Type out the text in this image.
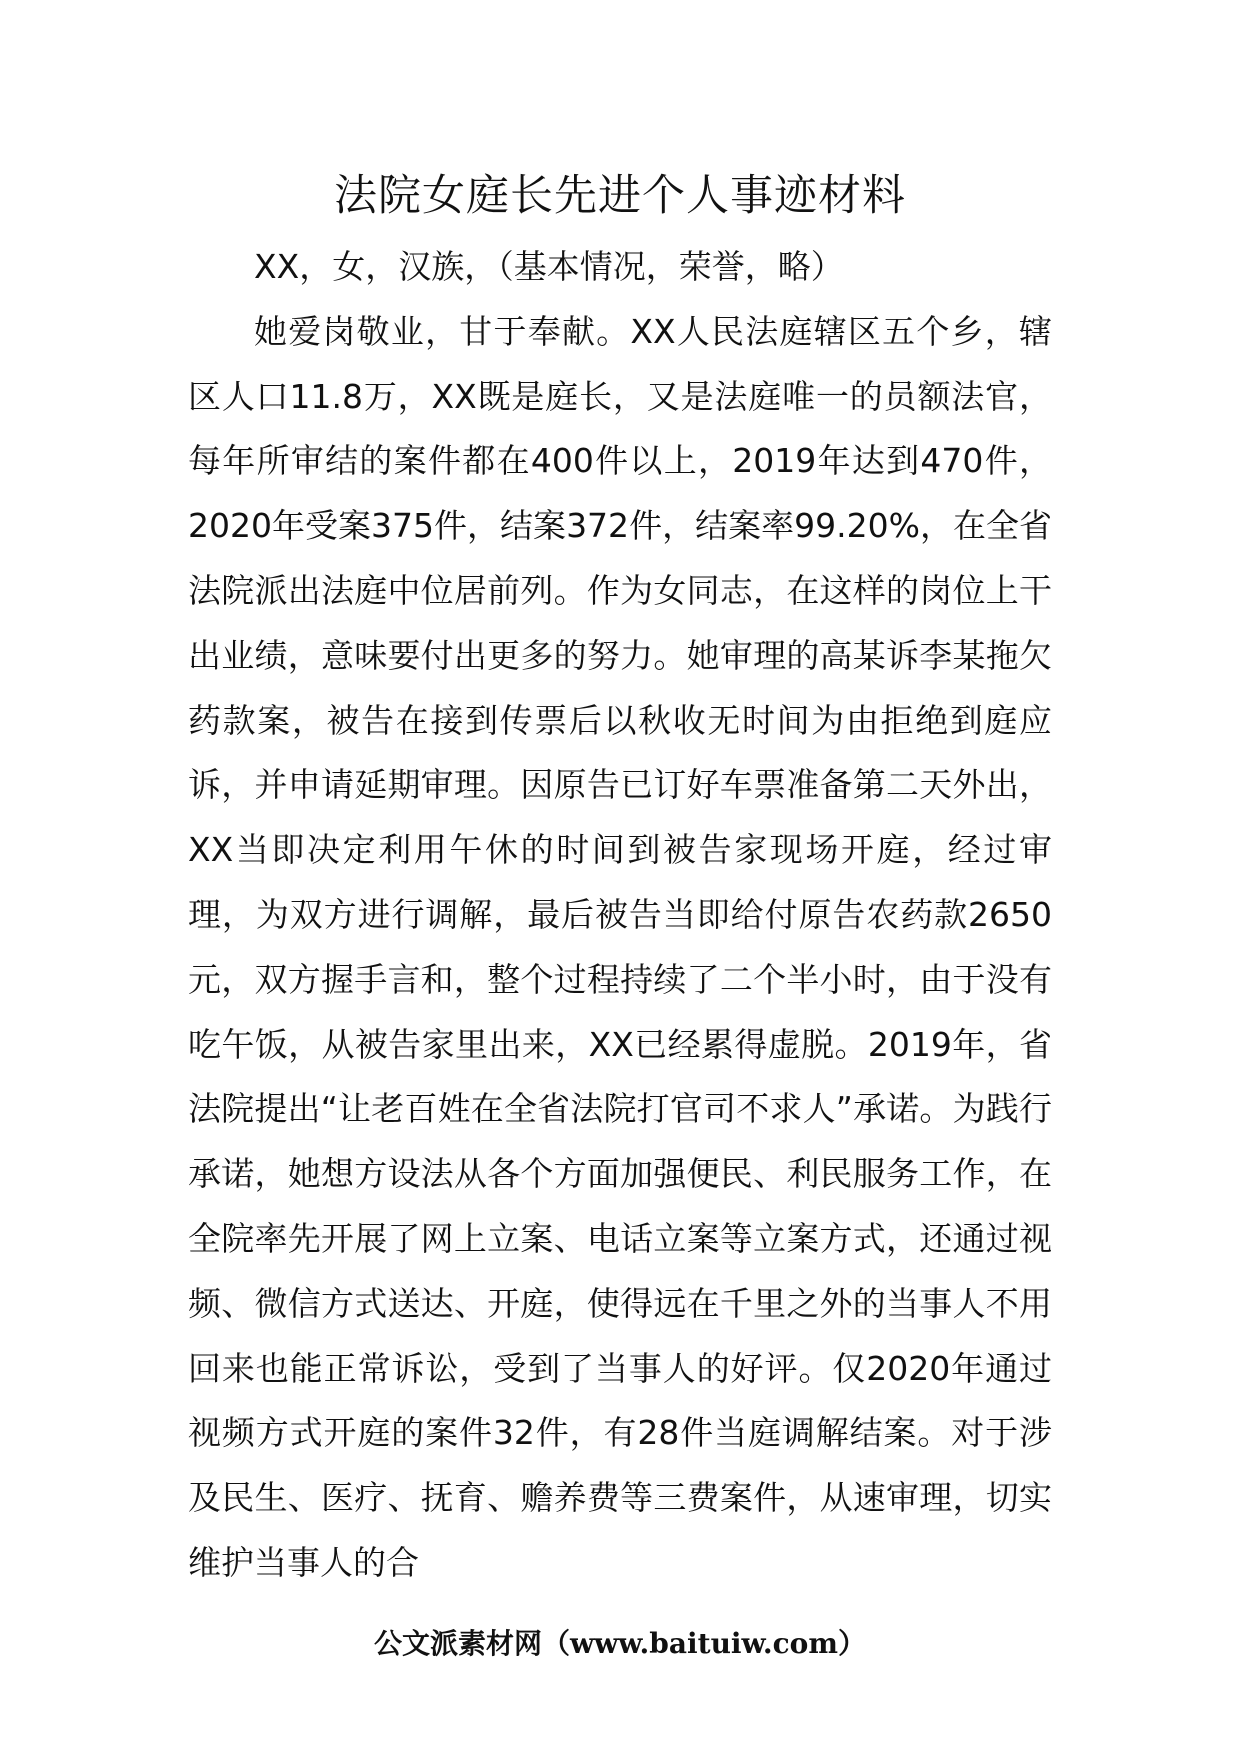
法院女庭长先进个人事迹材料

XX，女，汉族，（基本情况，荣誉，略）

她爱岗敬业，甘于奉献。XX人民法庭辖区五个乡，辖区人口11.8万，XX既是庭长，又是法庭唯一的员额法官，每年所审结的案件都在400件以上，2019年达到470件，2020年受案375件，结案372件，结案率99.20%，在全省法院派出法庭中位居前列。作为女同志，在这样的岗位上干出业绩，意味要付出更多的努力。她审理的高某诉李某拖欠药款案，被告在接到传票后以秋收无时间为由拒绝到庭应诉，并申请延期审理。因原告已订好车票准备第二天外出，XX当即决定利用午休的时间到被告家现场开庭，经过审理，为双方进行调解，最后被告当即给付原告农药款2650元，双方握手言和，整个过程持续了二个半小时，由于没有吃午饭，从被告家里出来，XX已经累得虚脱。2019年，省法院提出“让老百姓在全省法院打官司不求人”承诺。为践行承诺，她想方设法从各个方面加强便民、利民服务工作，在全院率先开展了网上立案、电话立案等立案方式，还通过视频、微信方式送达、开庭，使得远在千里之外的当事人不用回来也能正常诉讼，受到了当事人的好评。仅2020年通过视频方式开庭的案件32件，有28件当庭调解结案。对于涉及民生、医疗、抚育、赡养费等三费案件，从速审理，切实维护当事人的合

公文派素材网（www.baituiw.com）
